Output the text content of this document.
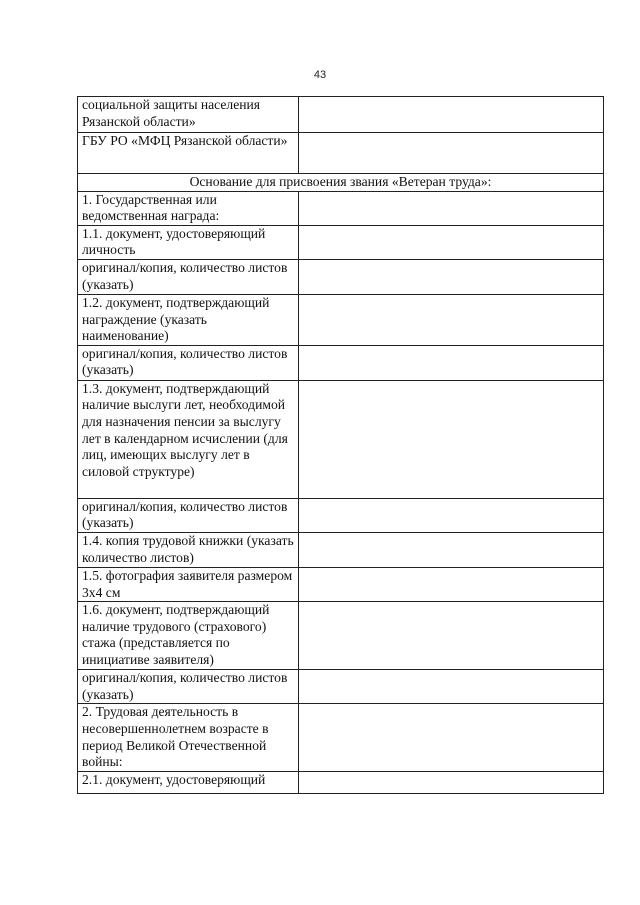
43
социальной защиты населения Рязанской области»	
ГБУ РО «МФЦ Рязанской области»	
Основание для присвоения звания «Ветеран труда»:	
1. Государственная или ведомственная награда:	
1.1. документ, удостоверяющий личность	
оригинал/копия, количество листов (указать)	
1.2. документ, подтверждающий награждение (указать наименование)	
оригинал/копия, количество листов (указать)	
1.3. документ, подтверждающий наличие выслуги лет, необходимой для назначения пенсии за выслугу лет в календарном исчислении (для лиц, имеющих выслугу лет в силовой структуре)	
оригинал/копия, количество листов (указать)	
1.4. копия трудовой книжки (указать количество листов)	
1.5. фотография заявителя размером 3x4 см	
1.6. документ, подтверждающий наличие трудового (страхового) стажа (представляется по инициативе заявителя)	
оригинал/копия, количество листов (указать)	
2. Трудовая деятельность в несовершеннолетнем возрасте в период Великой Отечественной войны:	
2.1. документ, удостоверяющий	
